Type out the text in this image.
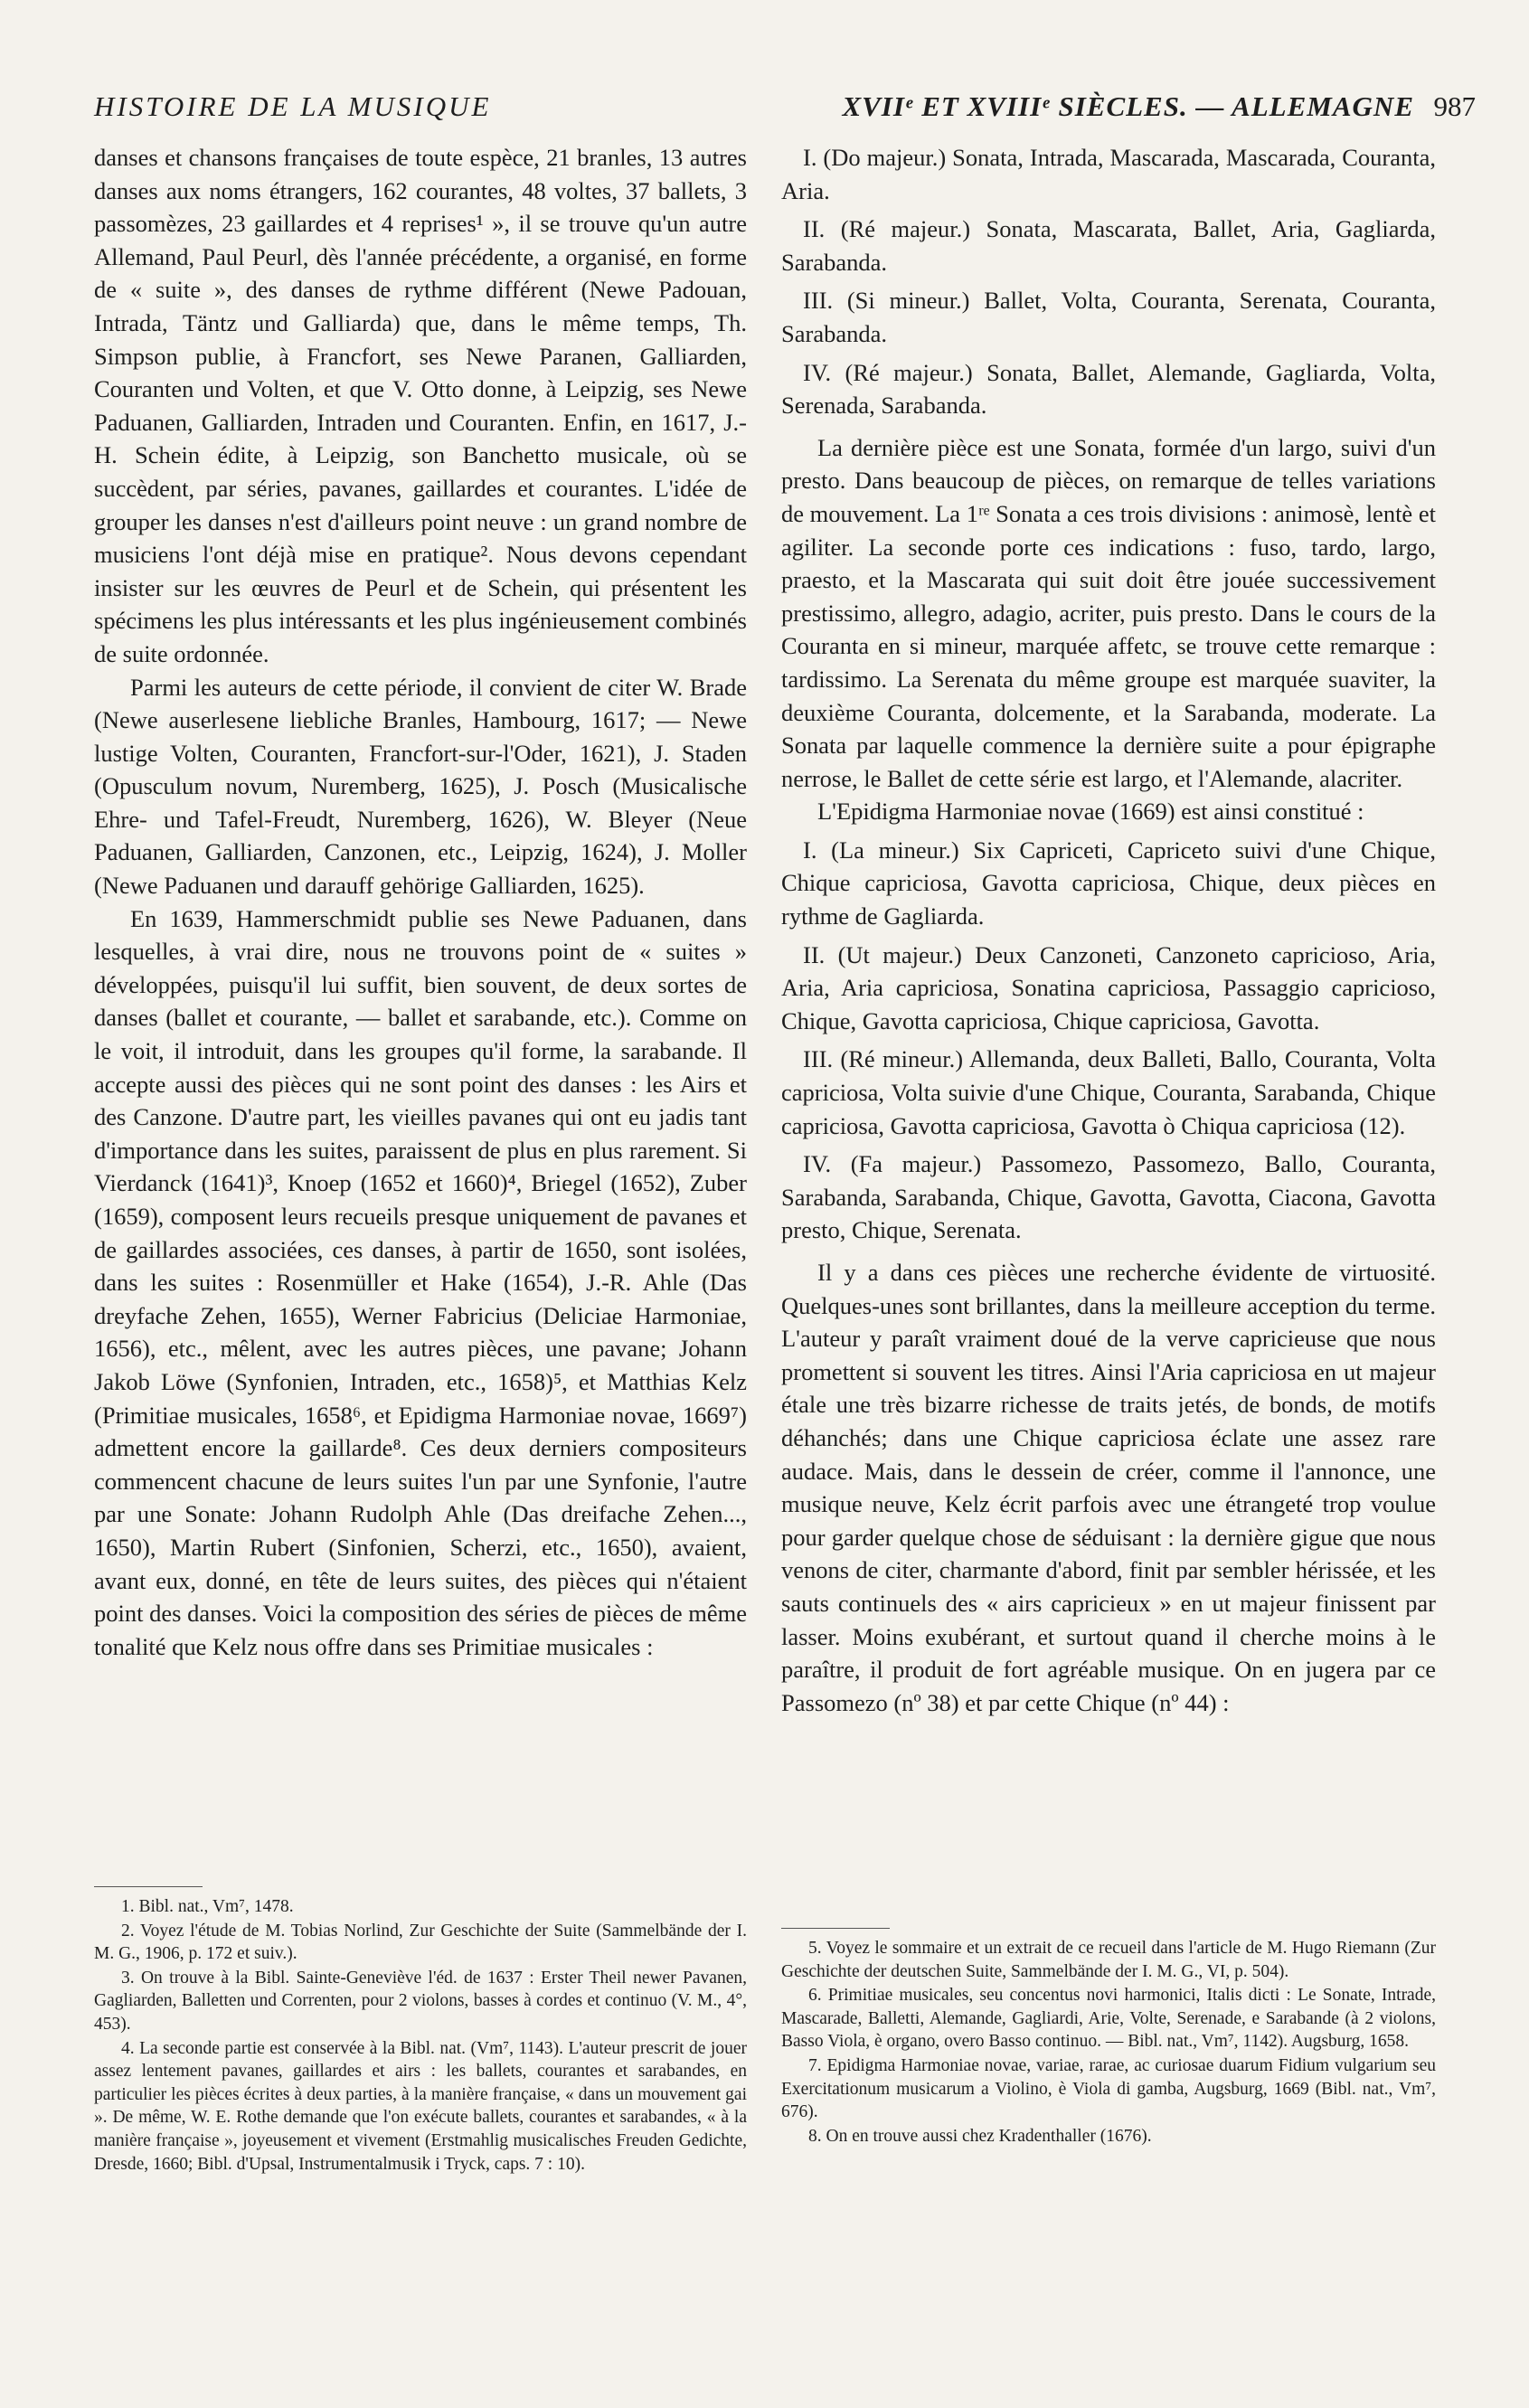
HISTOIRE DE LA MUSIQUE	XVIIᵉ ET XVIIIᵉ SIÈCLES. — ALLEMAGNE 987

danses et chansons françaises de toute espèce, 21 branles, 13 autres danses aux noms étrangers, 162 courantes, 48 voltes, 37 ballets, 3 passomèzes, 23 gaillardes et 4 reprises¹ », il se trouve qu'un autre Allemand, Paul Peurl, dès l'année précédente, a organisé, en forme de « suite », des danses de rythme différent (Newe Padouan, Intrada, Täntz und Galliarda) que, dans le même temps, Th. Simpson publie, à Francfort, ses Newe Paranen, Galliarden, Couranten und Volten, et que V. Otto donne, à Leipzig, ses Newe Paduanen, Galliarden, Intraden und Couranten. Enfin, en 1617, J.-H. Schein édite, à Leipzig, son Banchetto musicale, où se succèdent, par séries, pavanes, gaillardes et courantes. L'idée de grouper les danses n'est d'ailleurs point neuve : un grand nombre de musiciens l'ont déjà mise en pratique². Nous devons cependant insister sur les œuvres de Peurl et de Schein, qui présentent les spécimens les plus intéressants et les plus ingénieusement combinés de suite ordonnée.

Parmi les auteurs de cette période, il convient de citer W. Brade (Newe auserlesene liebliche Branles, Hambourg, 1617; — Newe lustige Volten, Couranten, Francfort-sur-l'Oder, 1621), J. Staden (Opusculum novum, Nuremberg, 1625), J. Posch (Musicalische Ehre- und Tafel-Freudt, Nuremberg, 1626), W. Bleyer (Neue Paduanen, Galliarden, Canzonen, etc., Leipzig, 1624), J. Moller (Newe Paduanen und darauff gehörige Galliarden, 1625).

En 1639, Hammerschmidt publie ses Newe Paduanen, dans lesquelles, à vrai dire, nous ne trouvons point de « suites » développées, puisqu'il lui suffit, bien souvent, de deux sortes de danses (ballet et courante, — ballet et sarabande, etc.). Comme on le voit, il introduit, dans les groupes qu'il forme, la sarabande. Il accepte aussi des pièces qui ne sont point des danses : les Airs et des Canzone. D'autre part, les vieilles pavanes qui ont eu jadis tant d'importance dans les suites, paraissent de plus en plus rarement. Si Vierdanck (1641)³, Knoep (1652 et 1660)⁴, Briegel (1652), Zuber (1659), composent leurs recueils presque uniquement de pavanes et de gaillardes associées, ces danses, à partir de 1650, sont isolées, dans les suites : Rosenmüller et Hake (1654), J.-R. Ahle (Das dreyfache Zehen, 1655), Werner Fabricius (Deliciae Harmoniae, 1656), etc., mêlent, avec les autres pièces, une pavane; Johann Jakob Löwe (Synfonien, Intraden, etc., 1658)⁵, et Matthias Kelz (Primitiae musicales, 1658⁶, et Epidigma Harmoniae novae, 1669⁷) admettent encore la gaillarde⁸. Ces deux derniers compositeurs commencent chacune de leurs suites l'un par une Synfonie, l'autre par une Sonate: Johann Rudolph Ahle (Das dreifache Zehen..., 1650), Martin Rubert (Sinfonien, Scherzi, etc., 1650), avaient, avant eux, donné, en tête de leurs suites, des pièces qui n'étaient point des danses. Voici la composition des séries de pièces de même tonalité que Kelz nous offre dans ses Primitiae musicales :

1. Bibl. nat., Vm⁷, 1478.

2. Voyez l'étude de M. Tobias Norlind, Zur Geschichte der Suite (Sammelbände der I. M. G., 1906, p. 172 et suiv.).

3. On trouve à la Bibl. Sainte-Geneviève l'éd. de 1637 : Erster Theil newer Pavanen, Gagliarden, Balletten und Correnten, pour 2 violons, basses à cordes et continuo (V. M., 4°, 453).

4. La seconde partie est conservée à la Bibl. nat. (Vm⁷, 1143). L'auteur prescrit de jouer assez lentement pavanes, gaillardes et airs : les ballets, courantes et sarabandes, en particulier les pièces écrites à deux parties, à la manière française, « dans un mouvement gai ». De même, W. E. Rothe demande que l'on exécute ballets, courantes et sarabandes, « à la manière française », joyeusement et vivement (Erstmahlig musicalisches Freuden Gedichte, Dresde, 1660; Bibl. d'Upsal, Instrumentalmusik i Tryck, caps. 7 : 10).

I. (Do majeur.) Sonata, Intrada, Mascarada, Mascarada, Couranta, Aria.

II. (Ré majeur.) Sonata, Mascarata, Ballet, Aria, Gagliarda, Sarabanda.

III. (Si mineur.) Ballet, Volta, Couranta, Serenata, Couranta, Sarabanda.

IV. (Ré majeur.) Sonata, Ballet, Alemande, Gagliarda, Volta, Serenada, Sarabanda.

La dernière pièce est une Sonata, formée d'un largo, suivi d'un presto. Dans beaucoup de pièces, on remarque de telles variations de mouvement. La 1ʳᵉ Sonata a ces trois divisions : animosè, lentè et agiliter. La seconde porte ces indications : fuso, tardo, largo, praesto, et la Mascarata qui suit doit être jouée successivement prestissimo, allegro, adagio, acriter, puis presto. Dans le cours de la Couranta en si mineur, marquée affetc, se trouve cette remarque : tardissimo. La Serenata du même groupe est marquée suaviter, la deuxième Couranta, dolcemente, et la Sarabanda, moderate. La Sonata par laquelle commence la dernière suite a pour épigraphe nerrose, le Ballet de cette série est largo, et l'Alemande, alacriter.

L'Epidigma Harmoniae novae (1669) est ainsi constitué :

I. (La mineur.) Six Capriceti, Capriceto suivi d'une Chique, Chique capriciosa, Gavotta capriciosa, Chique, deux pièces en rythme de Gagliarda.

II. (Ut majeur.) Deux Canzoneti, Canzoneto capricioso, Aria, Aria, Aria capriciosa, Sonatina capriciosa, Passaggio capricioso, Chique, Gavotta capriciosa, Chique capriciosa, Gavotta.

III. (Ré mineur.) Allemanda, deux Balleti, Ballo, Couranta, Volta capriciosa, Volta suivie d'une Chique, Couranta, Sarabanda, Chique capriciosa, Gavotta capriciosa, Gavotta ò Chiqua capriciosa (12).

IV. (Fa majeur.) Passomezo, Passomezo, Ballo, Couranta, Sarabanda, Sarabanda, Chique, Gavotta, Gavotta, Ciacona, Gavotta presto, Chique, Serenata.

Il y a dans ces pièces une recherche évidente de virtuosité. Quelques-unes sont brillantes, dans la meilleure acception du terme. L'auteur y paraît vraiment doué de la verve capricieuse que nous promettent si souvent les titres. Ainsi l'Aria capriciosa en ut majeur étale une très bizarre richesse de traits jetés, de bonds, de motifs déhanchés; dans une Chique capriciosa éclate une assez rare audace. Mais, dans le dessein de créer, comme il l'annonce, une musique neuve, Kelz écrit parfois avec une étrangeté trop voulue pour garder quelque chose de séduisant : la dernière gigue que nous venons de citer, charmante d'abord, finit par sembler hérissée, et les sauts continuels des « airs capricieux » en ut majeur finissent par lasser. Moins exubérant, et surtout quand il cherche moins à le paraître, il produit de fort agréable musique. On en jugera par ce Passomezo (nº 38) et par cette Chique (nº 44) :

5. Voyez le sommaire et un extrait de ce recueil dans l'article de M. Hugo Riemann (Zur Geschichte der deutschen Suite, Sammelbände der I. M. G., VI, p. 504).

6. Primitiae musicales, seu concentus novi harmonici, Italis dicti : Le Sonate, Intrade, Mascarade, Balletti, Alemande, Gagliardi, Arie, Volte, Serenade, e Sarabande (à 2 violons, Basso Viola, è organo, overo Basso continuo. — Bibl. nat., Vm⁷, 1142). Augsburg, 1658.

7. Epidigma Harmoniae novae, variae, rarae, ac curiosae duarum Fidium vulgarium seu Exercitationum musicarum a Violino, è Viola di gamba, Augsburg, 1669 (Bibl. nat., Vm⁷, 676).

8. On en trouve aussi chez Kradenthaller (1676).
